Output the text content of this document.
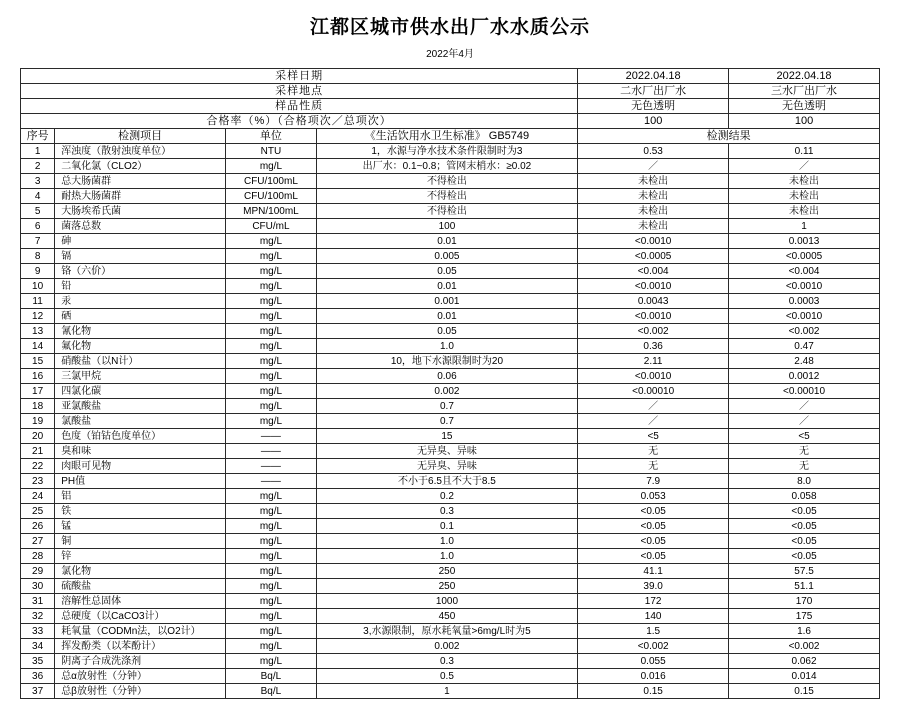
江都区城市供水出厂水水质公示
2022年4月
采样日期				2022.04.18	2022.04.18
采样地点				二水厂出厂水	三水厂出厂水
样品性质				无色透明	无色透明
合格率（%）（合格项次／总项次）				100	100
序号	检测项目	单位	《生活饮用水卫生标准》 GB5749	检测结果	
1	浑浊度（散射浊度单位）	NTU	1，水源与净水技术条件限制时为3	0.53	0.11
2	二氧化氯（CLO2）	mg/L	出厂水：0.1~0.8；管网末梢水：≥0.02	／	／
3	总大肠菌群	CFU/100mL	不得检出	未检出	未检出
4	耐热大肠菌群	CFU/100mL	不得检出	未检出	未检出
5	大肠埃希氏菌	MPN/100mL	不得检出	未检出	未检出
6	菌落总数	CFU/mL	100	未检出	1
7	砷	mg/L	0.01	<0.0010	0.0013
8	镉	mg/L	0.005	<0.0005	<0.0005
9	铬（六价）	mg/L	0.05	<0.004	<0.004
10	铅	mg/L	0.01	<0.0010	<0.0010
11	汞	mg/L	0.001	0.0043	0.0003
12	硒	mg/L	0.01	<0.0010	<0.0010
13	氰化物	mg/L	0.05	<0.002	<0.002
14	氟化物	mg/L	1.0	0.36	0.47
15	硝酸盐（以N计）	mg/L	10，地下水源限制时为20	2.11	2.48
16	三氯甲烷	mg/L	0.06	<0.0010	0.0012
17	四氯化碳	mg/L	0.002	<0.00010	<0.00010
18	亚氯酸盐	mg/L	0.7	／	／
19	氯酸盐	mg/L	0.7	／	／
20	色度（铂钴色度单位）	——	15	<5	<5
21	臭和味	——	无异臭、异味	无	无
22	肉眼可见物	——	无异臭、异味	无	无
23	PH值	——	不小于6.5且不大于8.5	7.9	8.0
24	铝	mg/L	0.2	0.053	0.058
25	铁	mg/L	0.3	<0.05	<0.05
26	锰	mg/L	0.1	<0.05	<0.05
27	铜	mg/L	1.0	<0.05	<0.05
28	锌	mg/L	1.0	<0.05	<0.05
29	氯化物	mg/L	250	41.1	57.5
30	硫酸盐	mg/L	250	39.0	51.1
31	溶解性总固体	mg/L	1000	172	170
32	总硬度（以CaCO3计）	mg/L	450	140	175
33	耗氧量（CODMn法，以O2计）	mg/L	3,水源限制，原水耗氧量>6mg/L时为5	1.5	1.6
34	挥发酚类（以苯酚计）	mg/L	0.002	<0.002	<0.002
35	阴离子合成洗涤剂	mg/L	0.3	0.055	0.062
36	总α放射性（分钟）	Bq/L	0.5	0.016	0.014
37	总β放射性（分钟）	Bq/L	1	0.15	0.15
